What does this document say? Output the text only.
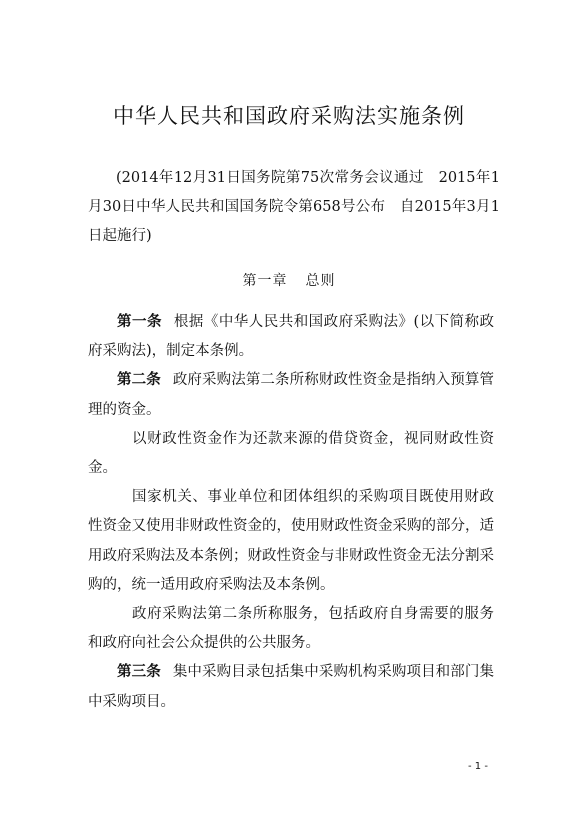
中华人民共和国政府采购法实施条例
(2014年12月31日国务院第75次常务会议通过　2015年1月30日中华人民共和国国务院令第658号公布　自2015年3月1日起施行)
第一章 总则

第一条 根据《中华人民共和国政府采购法》(以下简称政府采购法)，制定本条例。

第二条 政府采购法第二条所称财政性资金是指纳入预算管理的资金。

以财政性资金作为还款来源的借贷资金，视同财政性资金。

国家机关、事业单位和团体组织的采购项目既使用财政性资金又使用非财政性资金的，使用财政性资金采购的部分，适用政府采购法及本条例；财政性资金与非财政性资金无法分割采购的，统一适用政府采购法及本条例。

政府采购法第二条所称服务，包括政府自身需要的服务和政府向社会公众提供的公共服务。

第三条 集中采购目录包括集中采购机构采购项目和部门集中采购项目。

- 1 -
